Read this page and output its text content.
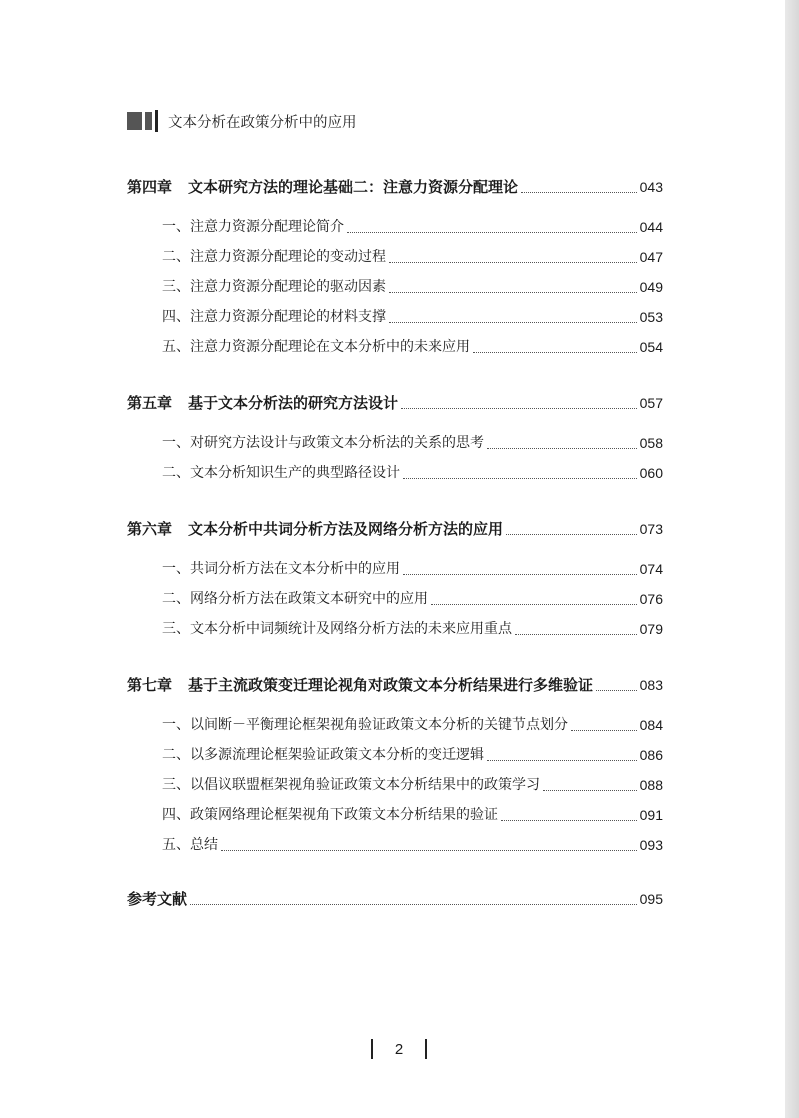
文本分析在政策分析中的应用
第四章 文本研究方法的理论基础二：注意力资源分配理论	043
一、注意力资源分配理论简介	044
二、注意力资源分配理论的变动过程	047
三、注意力资源分配理论的驱动因素	049
四、注意力资源分配理论的材料支撑	053
五、注意力资源分配理论在文本分析中的未来应用	054
第五章 基于文本分析法的研究方法设计	057
一、对研究方法设计与政策文本分析法的关系的思考	058
二、文本分析知识生产的典型路径设计	060
第六章 文本分析中共词分析方法及网络分析方法的应用	073
一、共词分析方法在文本分析中的应用	074
二、网络分析方法在政策文本研究中的应用	076
三、文本分析中词频统计及网络分析方法的未来应用重点	079
第七章 基于主流政策变迁理论视角对政策文本分析结果进行多维验证	083
一、以间断－平衡理论框架视角验证政策文本分析的关键节点划分	084
二、以多源流理论框架验证政策文本分析的变迁逻辑	086
三、以倡议联盟框架视角验证政策文本分析结果中的政策学习	088
四、政策网络理论框架视角下政策文本分析结果的验证	091
五、总结	093
参考文献	095
2
